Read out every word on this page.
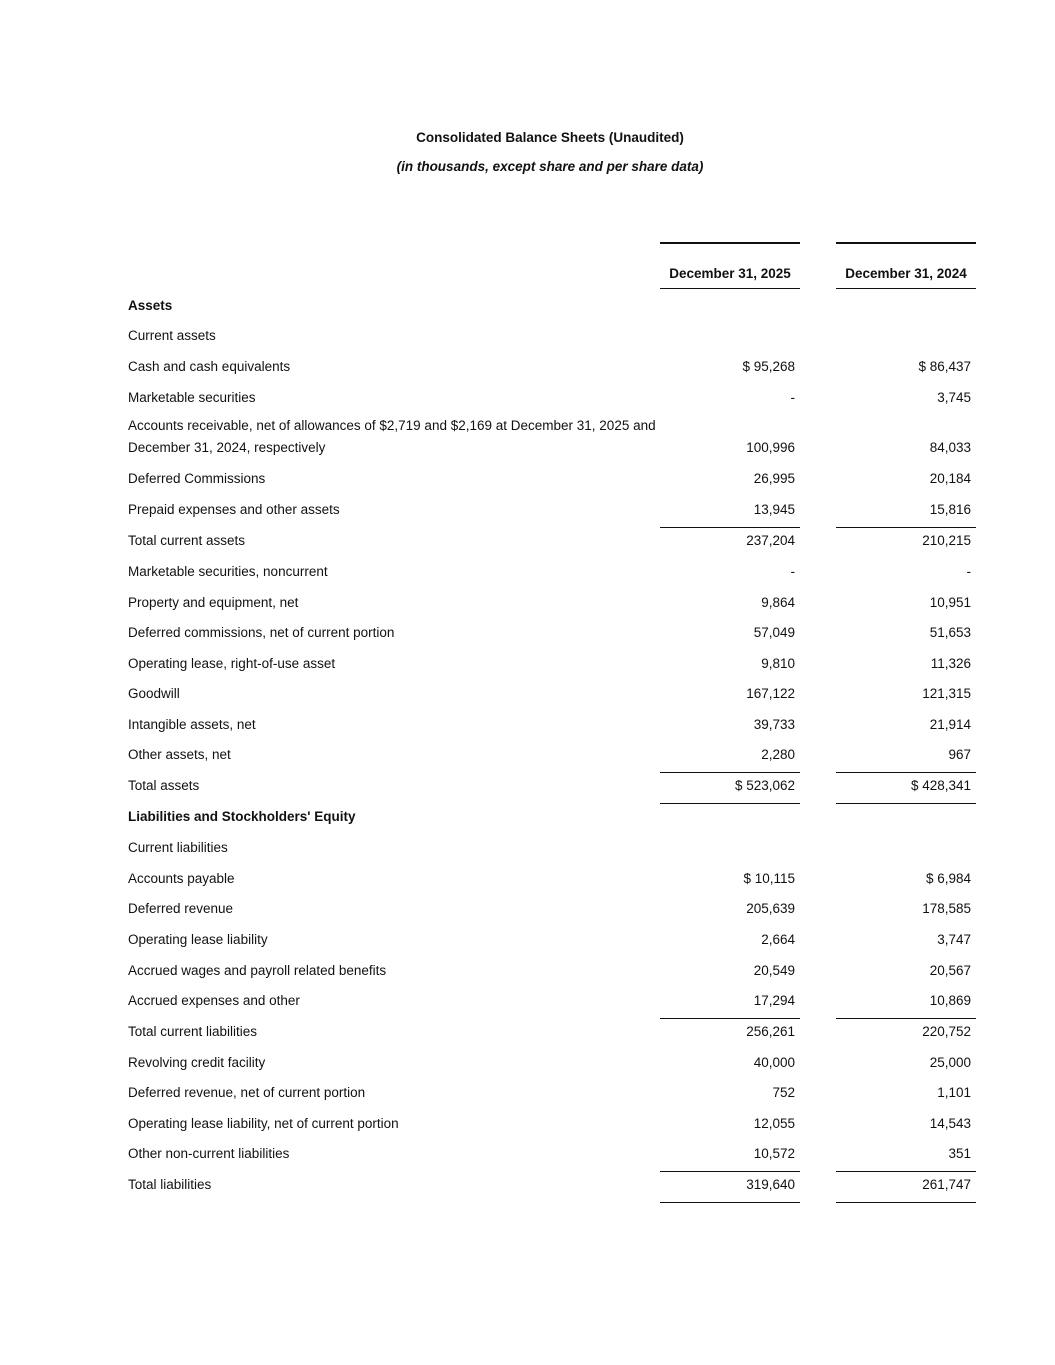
Consolidated Balance Sheets (Unaudited)
(in thousands, except share and per share data)
December 31, 2025	December 31, 2024
Assets
Current assets
Cash and cash equivalents	$ 95,268	$ 86,437
Marketable securities	-	3,745
Accounts receivable, net of allowances of $2,719 and $2,169 at December 31, 2025 and December 31, 2024, respectively	100,996	84,033
Deferred Commissions	26,995	20,184
Prepaid expenses and other assets	13,945	15,816
Total current assets	237,204	210,215
Marketable securities, noncurrent	-	-
Property and equipment, net	9,864	10,951
Deferred commissions, net of current portion	57,049	51,653
Operating lease, right-of-use asset	9,810	11,326
Goodwill	167,122	121,315
Intangible assets, net	39,733	21,914
Other assets, net	2,280	967
Total assets	$ 523,062	$ 428,341
Liabilities and Stockholders' Equity
Current liabilities
Accounts payable	$ 10,115	$ 6,984
Deferred revenue	205,639	178,585
Operating lease liability	2,664	3,747
Accrued wages and payroll related benefits	20,549	20,567
Accrued expenses and other	17,294	10,869
Total current liabilities	256,261	220,752
Revolving credit facility	40,000	25,000
Deferred revenue, net of current portion	752	1,101
Operating lease liability, net of current portion	12,055	14,543
Other non-current liabilities	10,572	351
Total liabilities	319,640	261,747
